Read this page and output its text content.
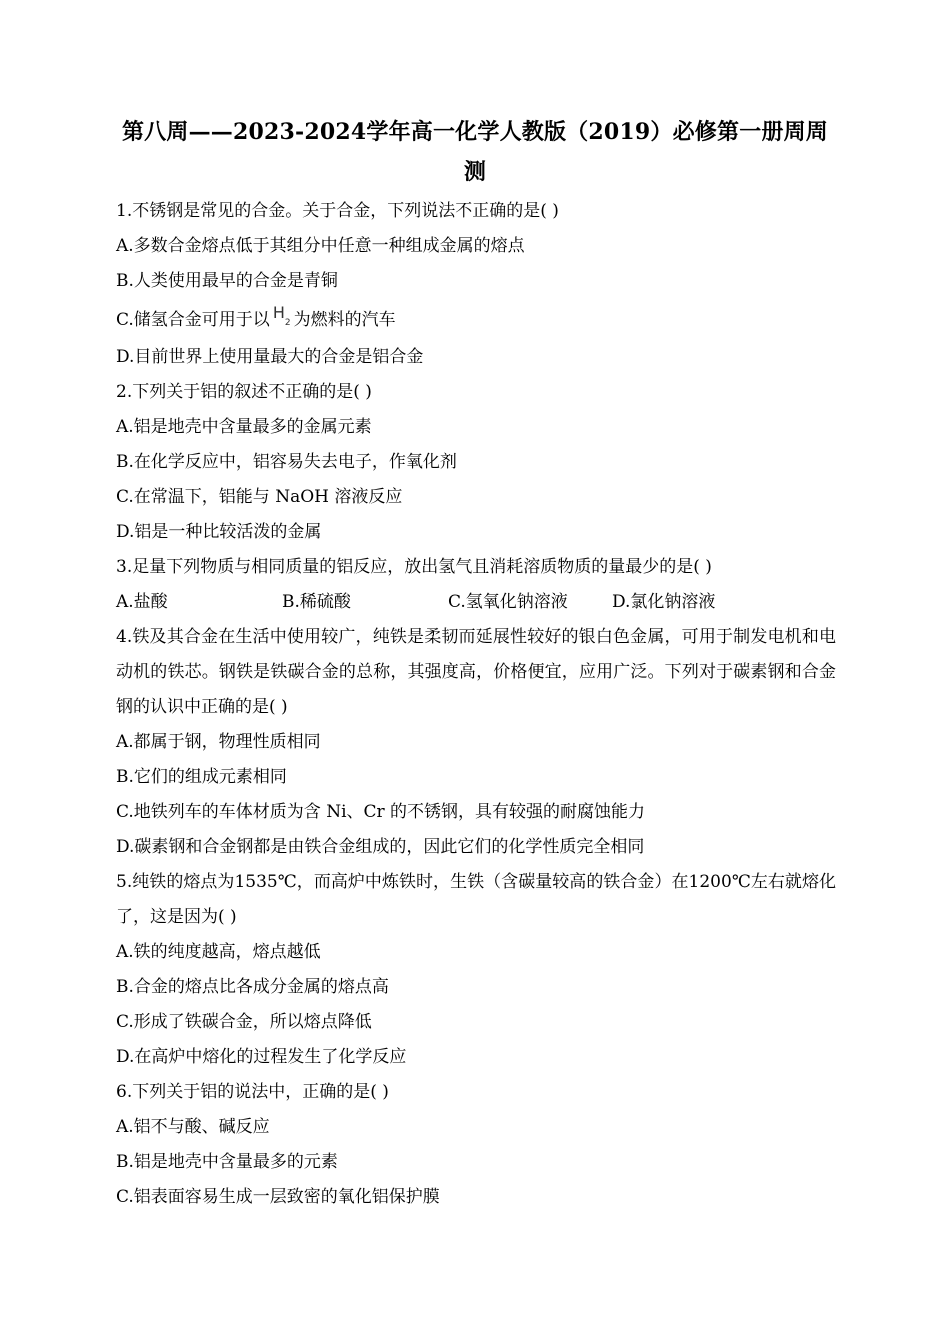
第八周——2023-2024学年高一化学人教版（2019）必修第一册周周测
1.不锈钢是常见的合金。关于合金，下列说法不正确的是( )
A.多数合金熔点低于其组分中任意一种组成金属的熔点
B.人类使用最早的合金是青铜
C.储氢合金可用于以 $H_2$ 为燃料的汽车
D.目前世界上使用量最大的合金是铝合金
2.下列关于铝的叙述不正确的是( )
A.铝是地壳中含量最多的金属元素
B.在化学反应中，铝容易失去电子，作氧化剂
C.在常温下，铝能与 NaOH 溶液反应
D.铝是一种比较活泼的金属
3.足量下列物质与相同质量的铝反应，放出氢气且消耗溶质物质的量最少的是( )
A.盐酸	B.稀硫酸	C.氢氧化钠溶液	D.氯化钠溶液
4.铁及其合金在生活中使用较广，纯铁是柔韧而延展性较好的银白色金属，可用于制发电机和电动机的铁芯。钢铁是铁碳合金的总称，其强度高，价格便宜，应用广泛。下列对于碳素钢和合金钢的认识中正确的是( )
A.都属于钢，物理性质相同
B.它们的组成元素相同
C.地铁列车的车体材质为含 Ni、Cr 的不锈钢，具有较强的耐腐蚀能力
D.碳素钢和合金钢都是由铁合金组成的，因此它们的化学性质完全相同
5.纯铁的熔点为1535℃，而高炉中炼铁时，生铁（含碳量较高的铁合金）在1200℃左右就熔化了，这是因为( )
A.铁的纯度越高，熔点越低
B.合金的熔点比各成分金属的熔点高
C.形成了铁碳合金，所以熔点降低
D.在高炉中熔化的过程发生了化学反应
6.下列关于铝的说法中，正确的是( )
A.铝不与酸、碱反应
B.铝是地壳中含量最多的元素
C.铝表面容易生成一层致密的氧化铝保护膜
